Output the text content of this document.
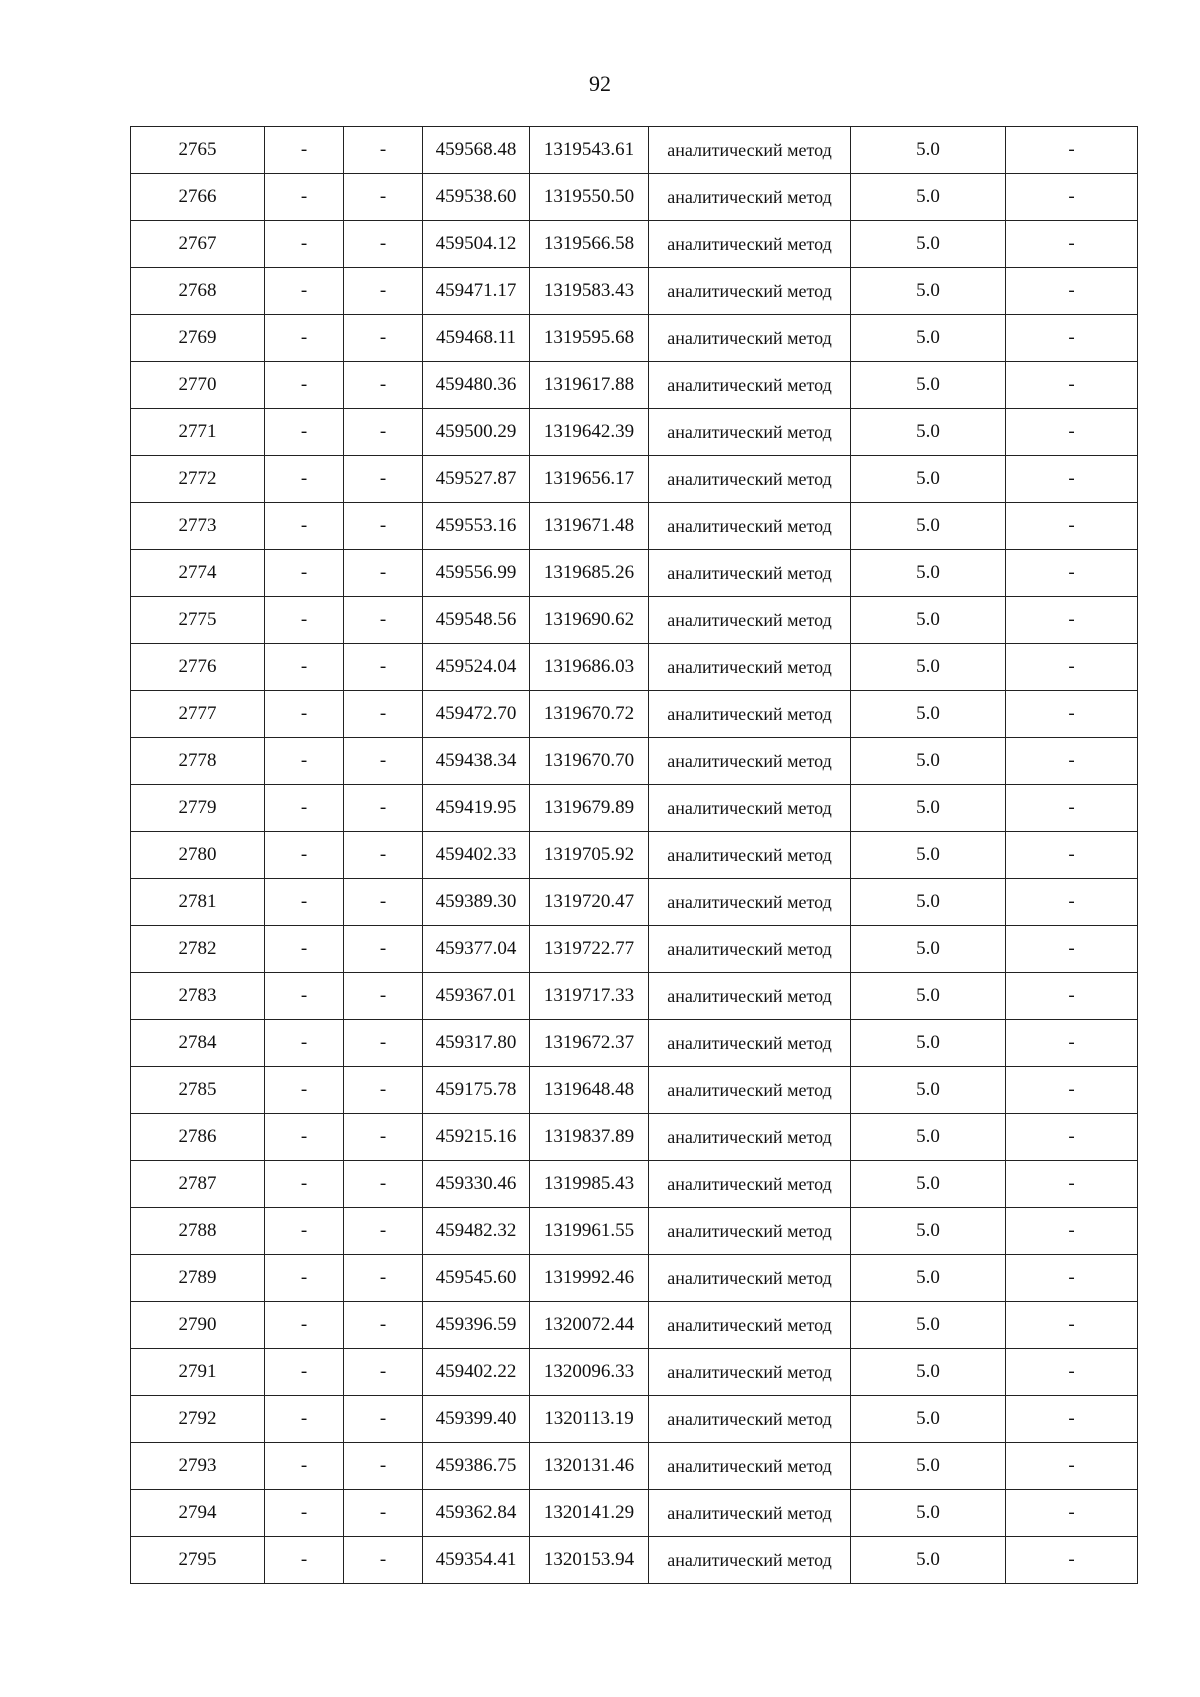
92
2765	-	-	459568.48	1319543.61	аналитический метод	5.0	-
2766	-	-	459538.60	1319550.50	аналитический метод	5.0	-
2767	-	-	459504.12	1319566.58	аналитический метод	5.0	-
2768	-	-	459471.17	1319583.43	аналитический метод	5.0	-
2769	-	-	459468.11	1319595.68	аналитический метод	5.0	-
2770	-	-	459480.36	1319617.88	аналитический метод	5.0	-
2771	-	-	459500.29	1319642.39	аналитический метод	5.0	-
2772	-	-	459527.87	1319656.17	аналитический метод	5.0	-
2773	-	-	459553.16	1319671.48	аналитический метод	5.0	-
2774	-	-	459556.99	1319685.26	аналитический метод	5.0	-
2775	-	-	459548.56	1319690.62	аналитический метод	5.0	-
2776	-	-	459524.04	1319686.03	аналитический метод	5.0	-
2777	-	-	459472.70	1319670.72	аналитический метод	5.0	-
2778	-	-	459438.34	1319670.70	аналитический метод	5.0	-
2779	-	-	459419.95	1319679.89	аналитический метод	5.0	-
2780	-	-	459402.33	1319705.92	аналитический метод	5.0	-
2781	-	-	459389.30	1319720.47	аналитический метод	5.0	-
2782	-	-	459377.04	1319722.77	аналитический метод	5.0	-
2783	-	-	459367.01	1319717.33	аналитический метод	5.0	-
2784	-	-	459317.80	1319672.37	аналитический метод	5.0	-
2785	-	-	459175.78	1319648.48	аналитический метод	5.0	-
2786	-	-	459215.16	1319837.89	аналитический метод	5.0	-
2787	-	-	459330.46	1319985.43	аналитический метод	5.0	-
2788	-	-	459482.32	1319961.55	аналитический метод	5.0	-
2789	-	-	459545.60	1319992.46	аналитический метод	5.0	-
2790	-	-	459396.59	1320072.44	аналитический метод	5.0	-
2791	-	-	459402.22	1320096.33	аналитический метод	5.0	-
2792	-	-	459399.40	1320113.19	аналитический метод	5.0	-
2793	-	-	459386.75	1320131.46	аналитический метод	5.0	-
2794	-	-	459362.84	1320141.29	аналитический метод	5.0	-
2795	-	-	459354.41	1320153.94	аналитический метод	5.0	-
